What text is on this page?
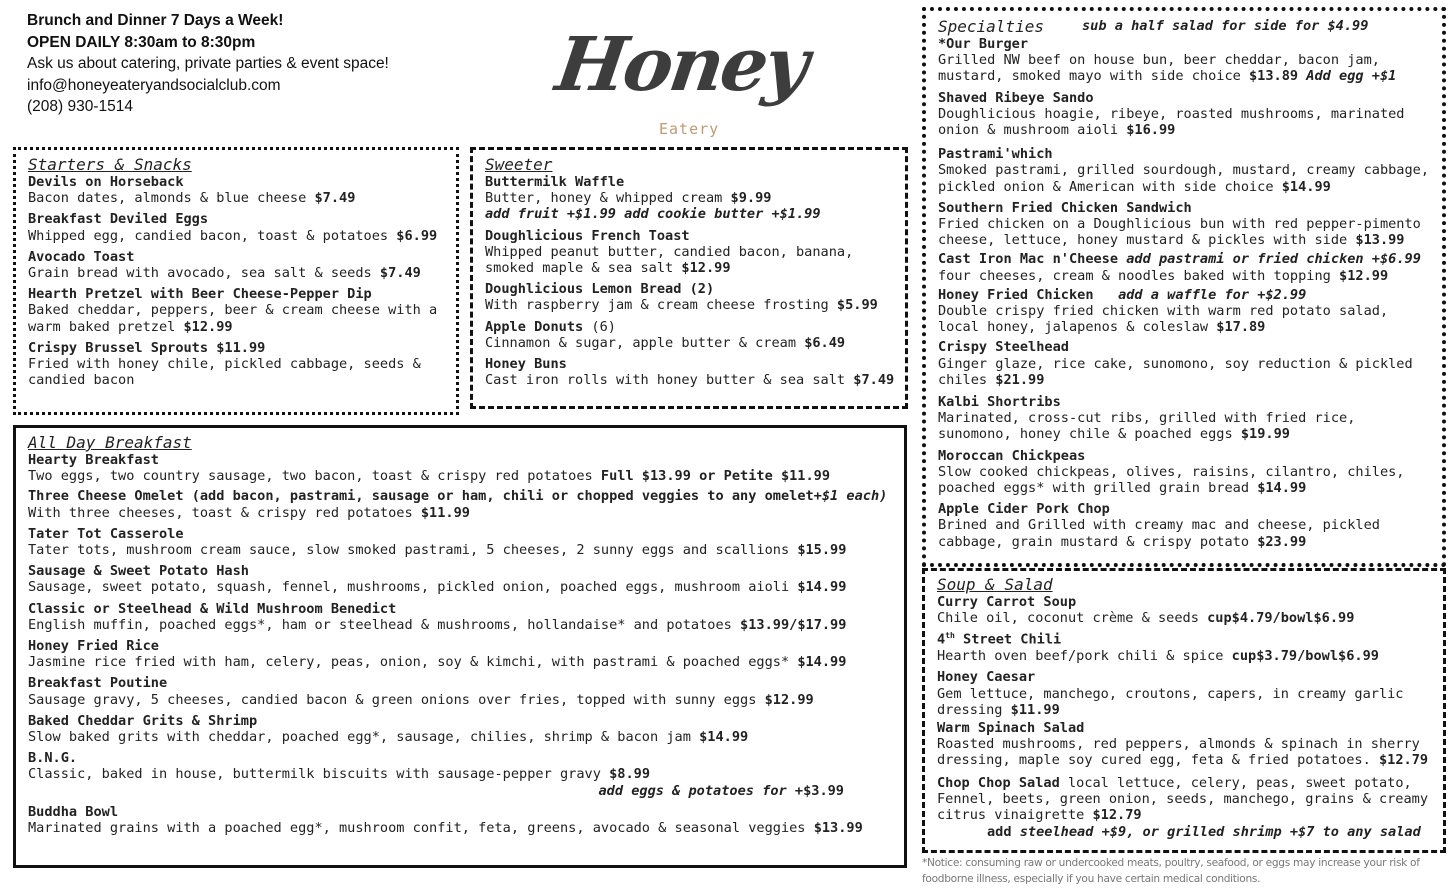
Brunch and Dinner 7 Days a Week!
OPEN DAILY 8:30am to 8:30pm
Ask us about catering, private parties & event space!
info@honeyeateryandsocialclub.com
(208) 930-1514	Honey
Eatery
Starters & Snacks
Devils on Horseback
Bacon dates, almonds & blue cheese $7.49
Breakfast Deviled Eggs
Whipped egg, candied bacon, toast & potatoes $6.99
Avocado Toast
Grain bread with avocado, sea salt & seeds $7.49
Hearth Pretzel with Beer Cheese-Pepper Dip
Baked cheddar, peppers, beer & cream cheese with a warm baked pretzel $12.99
Crispy Brussel Sprouts $11.99
Fried with honey chile, pickled cabbage, seeds & candied bacon
Sweeter
Buttermilk Waffle
Butter, honey & whipped cream $9.99
add fruit +$1.99 add cookie butter +$1.99
Doughlicious French Toast
Whipped peanut butter, candied bacon, banana, smoked maple & sea salt $12.99
Doughlicious Lemon Bread (2)
With raspberry jam & cream cheese frosting $5.99
Apple Donuts (6)
Cinnamon & sugar, apple butter & cream $6.49
Honey Buns
Cast iron rolls with honey butter & sea salt $7.49
All Day Breakfast
Hearty Breakfast
Two eggs, two country sausage, two bacon, toast & crispy red potatoes Full $13.99 or Petite $11.99
Three Cheese Omelet (add bacon, pastrami, sausage or ham, chili or chopped veggies to any omelet+$1 each)
With three cheeses, toast & crispy red potatoes $11.99
Tater Tot Casserole
Tater tots, mushroom cream sauce, slow smoked pastrami, 5 cheeses, 2 sunny eggs and scallions $15.99
Sausage & Sweet Potato Hash
Sausage, sweet potato, squash, fennel, mushrooms, pickled onion, poached eggs, mushroom aioli $14.99
Classic or Steelhead & Wild Mushroom Benedict
English muffin, poached eggs*, ham or steelhead & mushrooms, hollandaise* and potatoes $13.99/$17.99
Honey Fried Rice
Jasmine rice fried with ham, celery, peas, onion, soy & kimchi, with pastrami & poached eggs* $14.99
Breakfast Poutine
Sausage gravy, 5 cheeses, candied bacon & green onions over fries, topped with sunny eggs $12.99
Baked Cheddar Grits & Shrimp
Slow baked grits with cheddar, poached egg*, sausage, chilies, shrimp & bacon jam $14.99
B.N.G.
Classic, baked in house, buttermilk biscuits with sausage-pepper gravy $8.99
add eggs & potatoes for +$3.99
Buddha Bowl
Marinated grains with a poached egg*, mushroom confit, feta, greens, avocado & seasonal veggies $13.99
Specialties	sub a half salad for side for $4.99
*Our Burger
Grilled NW beef on house bun, beer cheddar, bacon jam, mustard, smoked mayo with side choice $13.89 Add egg +$1
Shaved Ribeye Sando
Doughlicious hoagie, ribeye, roasted mushrooms, marinated onion & mushroom aioli $16.99
Pastrami'which
Smoked pastrami, grilled sourdough, mustard, creamy cabbage, pickled onion & American with side choice $14.99
Southern Fried Chicken Sandwich
Fried chicken on a Doughlicious bun with red pepper-pimento cheese, lettuce, honey mustard & pickles with side $13.99
Cast Iron Mac n'Cheese add pastrami or fried chicken +$6.99
four cheeses, cream & noodles baked with topping $12.99
Honey Fried Chicken   add a waffle for +$2.99
Double crispy fried chicken with warm red potato salad, local honey, jalapenos & coleslaw $17.89
Crispy Steelhead
Ginger glaze, rice cake, sunomono, soy reduction & pickled chiles $21.99
Kalbi Shortribs
Marinated, cross-cut ribs, grilled with fried rice, sunomono, honey chile & poached eggs $19.99
Moroccan Chickpeas
Slow cooked chickpeas, olives, raisins, cilantro, chiles, poached eggs* with grilled grain bread $14.99
Apple Cider Pork Chop
Brined and Grilled with creamy mac and cheese, pickled cabbage, grain mustard & crispy potato $23.99
Soup & Salad
Curry Carrot Soup
Chile oil, coconut crème & seeds cup$4.79/bowl$6.99
4th Street Chili
Hearth oven beef/pork chili & spice cup$3.79/bowl$6.99
Honey Caesar
Gem lettuce, manchego, croutons, capers, in creamy garlic dressing $11.99
Warm Spinach Salad
Roasted mushrooms, red peppers, almonds & spinach in sherry dressing, maple soy cured egg, feta & fried potatoes. $12.79
Chop Chop Salad local lettuce, celery, peas, sweet potato, Fennel, beets, green onion, seeds, manchego, grains & creamy citrus vinaigrette $12.79
add steelhead +$9, or grilled shrimp +$7 to any salad
*Notice: consuming raw or undercooked meats, poultry, seafood, or eggs may increase your risk of foodborne illness, especially if you have certain medical conditions.
